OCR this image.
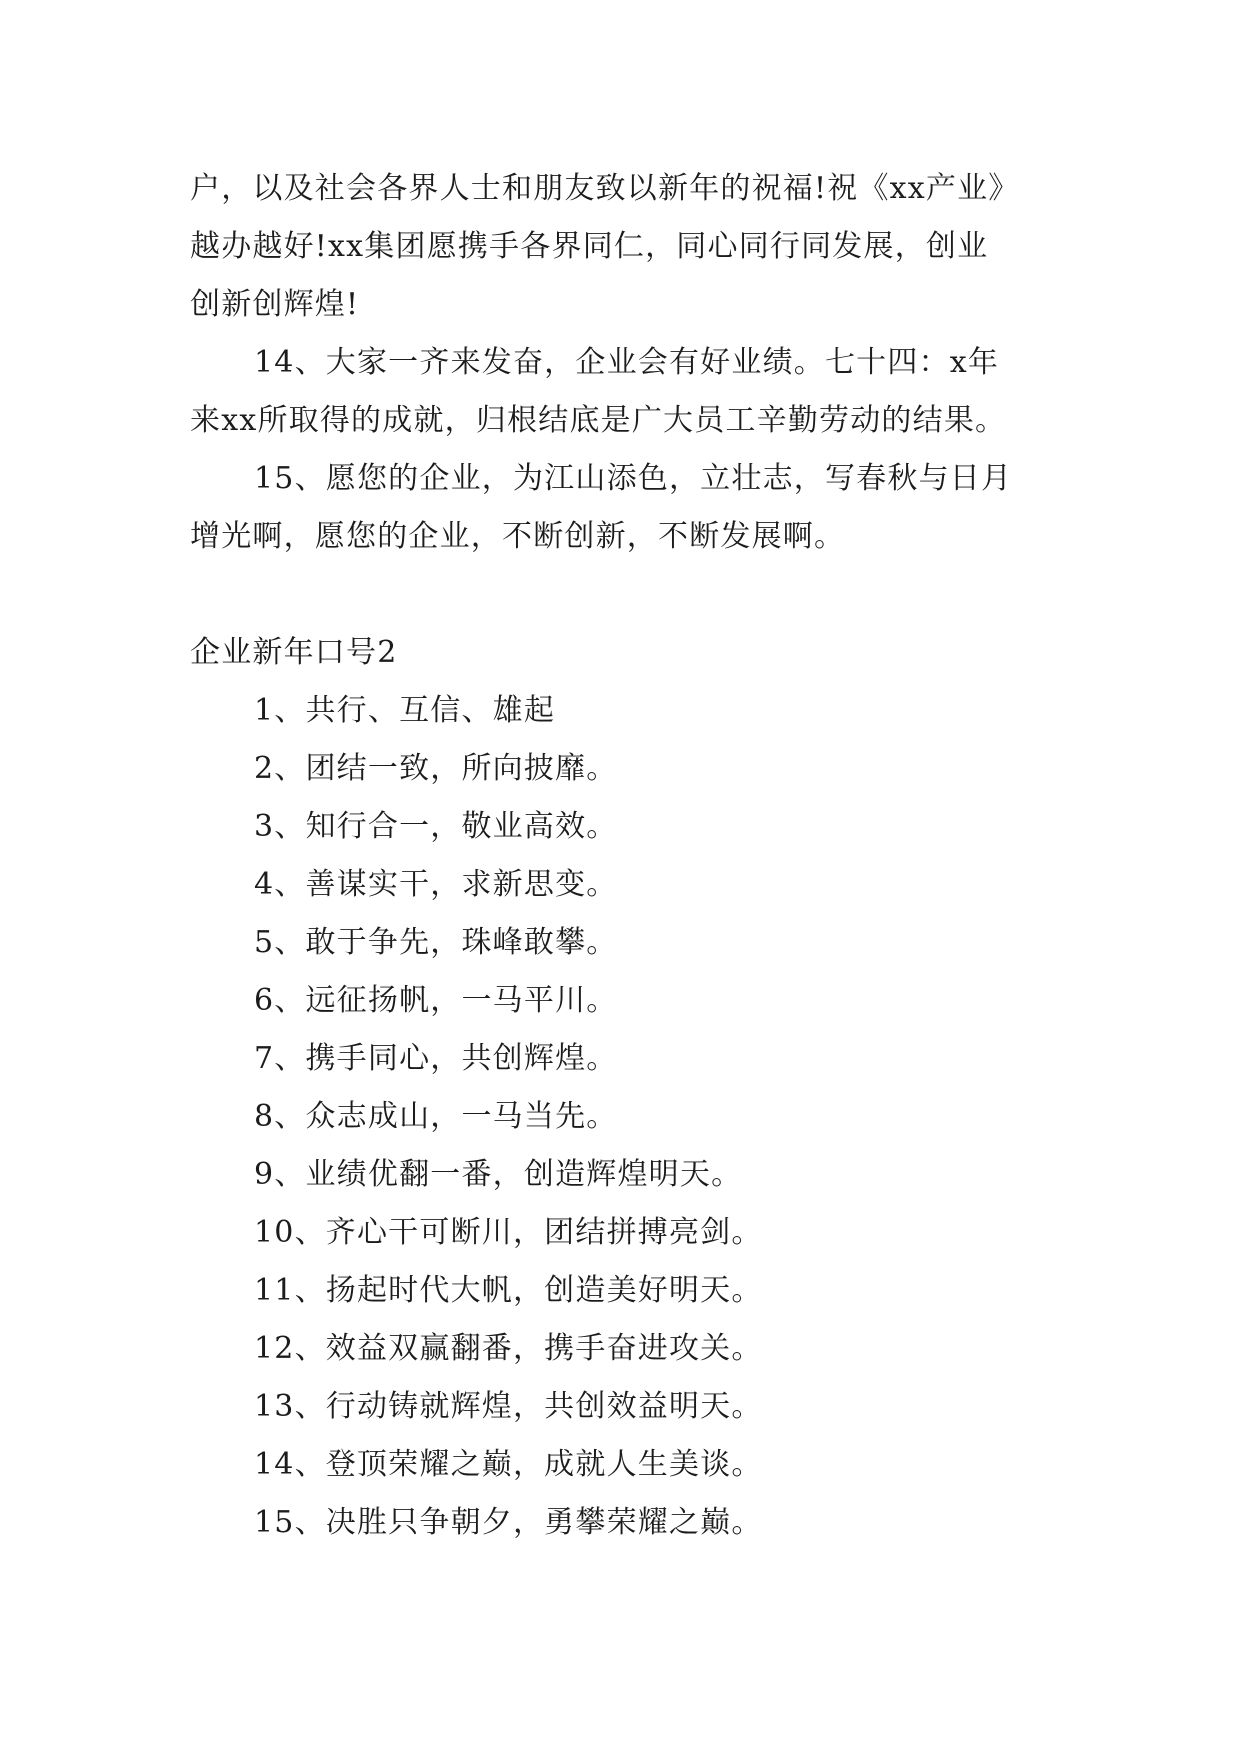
户，以及社会各界人士和朋友致以新年的祝福!祝《xx产业》
越办越好!xx集团愿携手各界同仁，同心同行同发展，创业
创新创辉煌!
14、大家一齐来发奋，企业会有好业绩。七十四：x年
来xx所取得的成就，归根结底是广大员工辛勤劳动的结果。
15、愿您的企业，为江山添色，立壮志，写春秋与日月
增光啊，愿您的企业，不断创新，不断发展啊。
企业新年口号2
1、共行、互信、雄起
2、团结一致，所向披靡。
3、知行合一，敬业高效。
4、善谋实干，求新思变。
5、敢于争先，珠峰敢攀。
6、远征扬帆，一马平川。
7、携手同心，共创辉煌。
8、众志成山，一马当先。
9、业绩优翻一番，创造辉煌明天。
10、齐心干可断川，团结拼搏亮剑。
11、扬起时代大帆，创造美好明天。
12、效益双赢翻番，携手奋进攻关。
13、行动铸就辉煌，共创效益明天。
14、登顶荣耀之巅，成就人生美谈。
15、决胜只争朝夕，勇攀荣耀之巅。
